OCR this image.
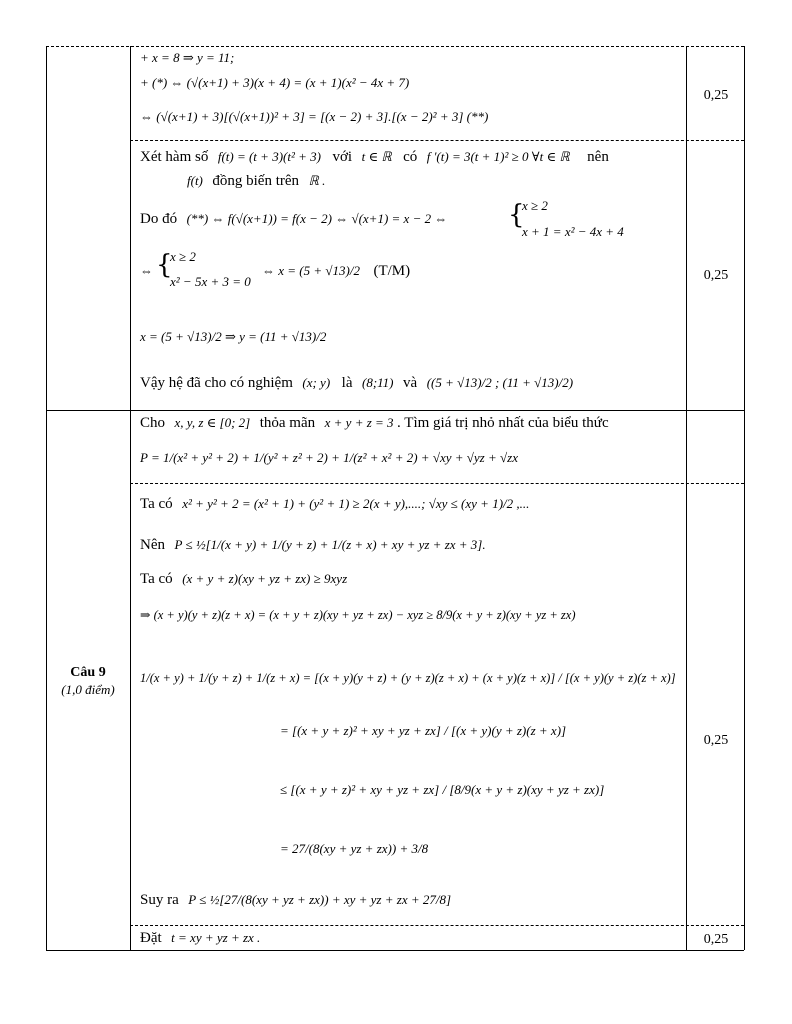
Câu 9
(1,0 điểm)
0,25
0,25
0,25
0,25
+ x = 8 ⇒ y = 11;
+ (*) ⇔ (√(x+1) + 3)(x + 4) = (x + 1)(x² − 4x + 7)
⇔ (√(x+1) + 3)[(√(x+1))² + 3] = [(x − 2) + 3].[(x − 2)² + 3] (**)
Xét hàm số f(t) = (t + 3)(t² + 3) với t ∈ ℝ có f '(t) = 3(t + 1)² ≥ 0 ∀t ∈ ℝ nên
f(t) đồng biến trên ℝ .
Do đó (**) ⇔ f(√(x+1)) = f(x − 2) ⇔ √(x+1) = x − 2 ⇔ {
x ≥ 2
x + 1 = x² − 4x + 4
⇔ {
x ≥ 2
x² − 5x + 3 = 0
⇔ x = (5 + √13)/2 (T/M)
x = (5 + √13)/2 ⇒ y = (11 + √13)/2
Vậy hệ đã cho có nghiệm (x; y) là (8;11) và ((5 + √13)/2 ; (11 + √13)/2)
Cho x, y, z ∈ [0; 2] thỏa mãn x + y + z = 3 . Tìm giá trị nhỏ nhất của biểu thức
P = 1/(x² + y² + 2) + 1/(y² + z² + 2) + 1/(z² + x² + 2) + √xy + √yz + √zx
Ta có x² + y² + 2 = (x² + 1) + (y² + 1) ≥ 2(x + y),....; √xy ≤ (xy + 1)/2 ,...
Nên P ≤ ½[1/(x + y) + 1/(y + z) + 1/(z + x) + xy + yz + zx + 3].
Ta có (x + y + z)(xy + yz + zx) ≥ 9xyz
⇒ (x + y)(y + z)(z + x) = (x + y + z)(xy + yz + zx) − xyz ≥ 8/9(x + y + z)(xy + yz + zx)
1/(x + y) + 1/(y + z) + 1/(z + x) = [(x + y)(y + z) + (y + z)(z + x) + (x + y)(z + x)] / [(x + y)(y + z)(z + x)]
= [(x + y + z)² + xy + yz + zx] / [(x + y)(y + z)(z + x)]
≤ [(x + y + z)² + xy + yz + zx] / [8/9(x + y + z)(xy + yz + zx)]
= 27/(8(xy + yz + zx)) + 3/8
Suy ra P ≤ ½[27/(8(xy + yz + zx)) + xy + yz + zx + 27/8]
Đặt t = xy + yz + zx .
